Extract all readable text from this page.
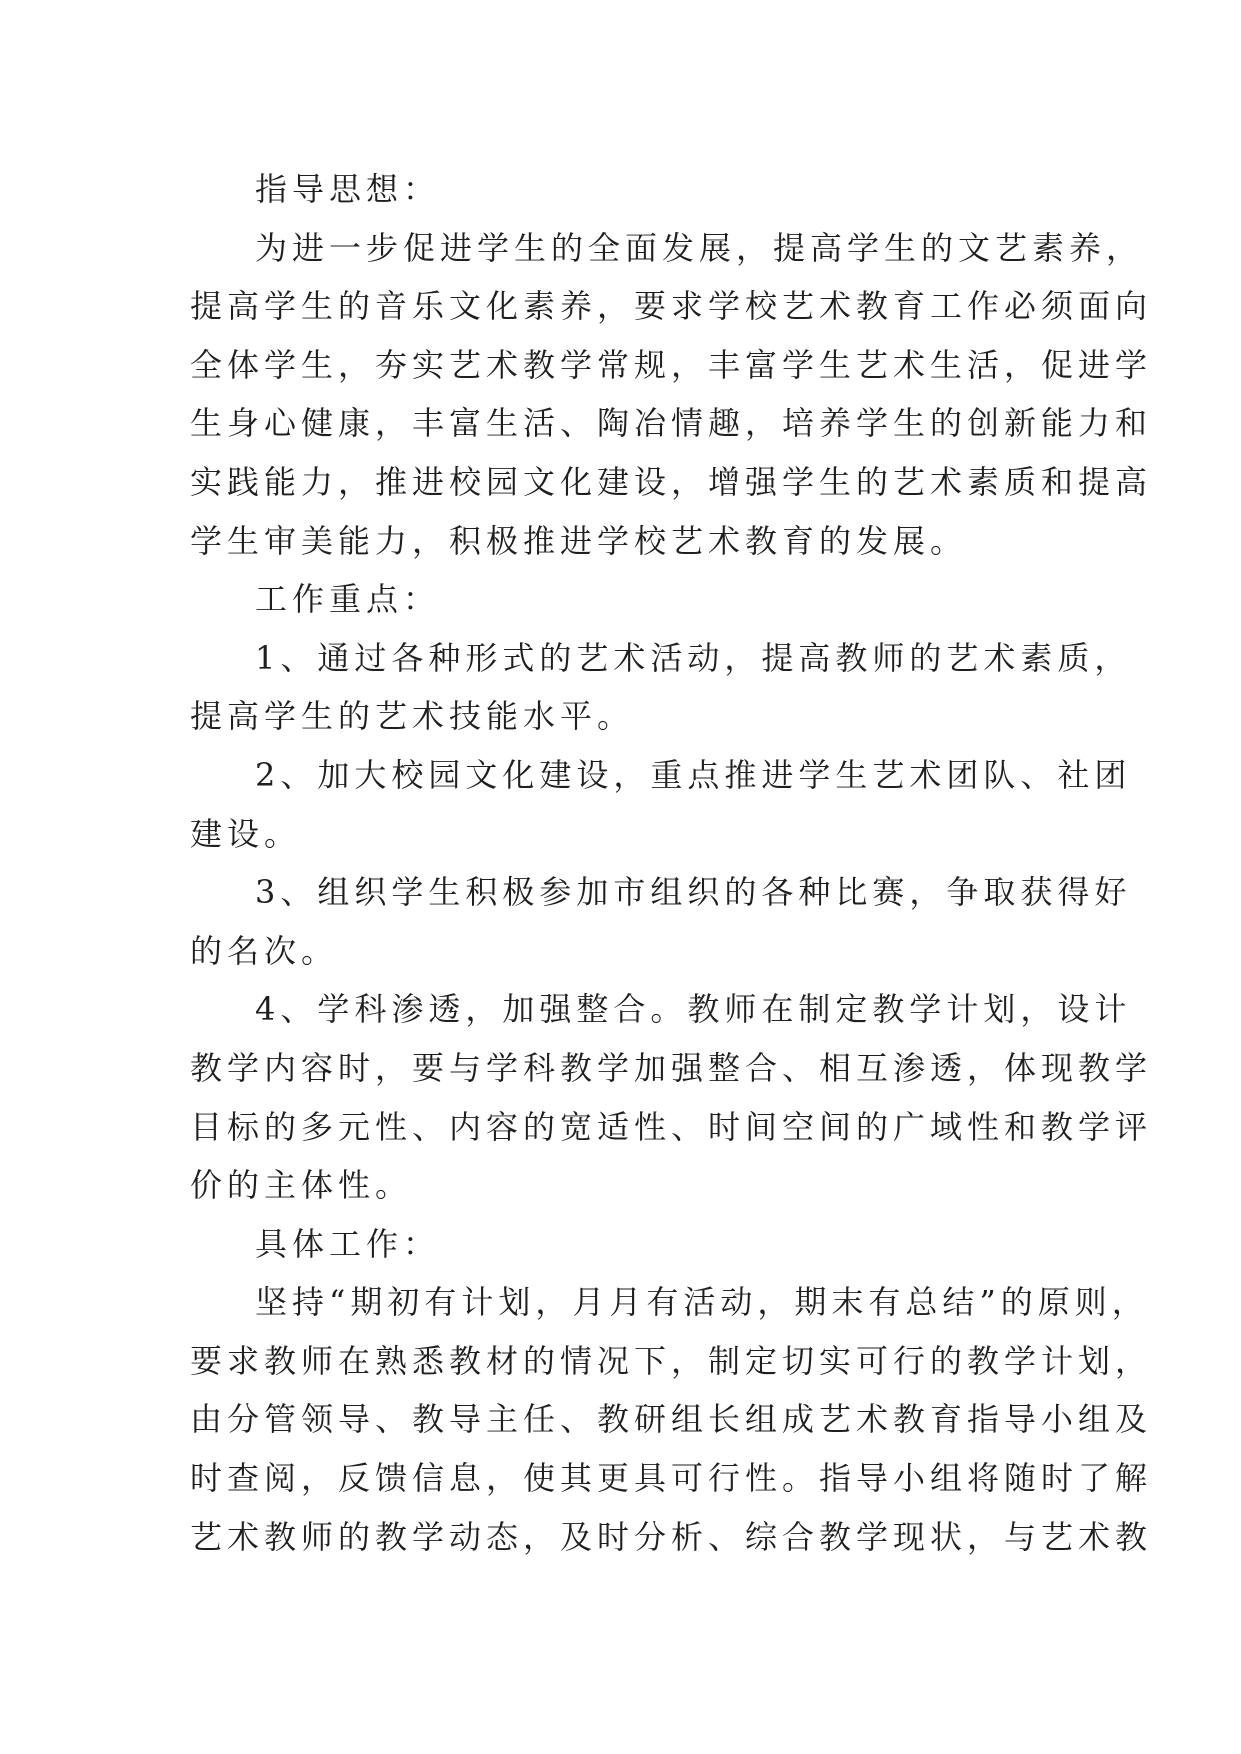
指导思想：
为进一步促进学生的全面发展，提高学生的文艺素养，
提高学生的音乐文化素养，要求学校艺术教育工作必须面向
全体学生，夯实艺术教学常规，丰富学生艺术生活，促进学
生身心健康，丰富生活、陶冶情趣，培养学生的创新能力和
实践能力，推进校园文化建设，增强学生的艺术素质和提高
学生审美能力，积极推进学校艺术教育的发展。
工作重点：
1、通过各种形式的艺术活动，提高教师的艺术素质，
提高学生的艺术技能水平。
2、加大校园文化建设，重点推进学生艺术团队、社团
建设。
3、组织学生积极参加市组织的各种比赛，争取获得好
的名次。
4、学科渗透，加强整合。教师在制定教学计划，设计
教学内容时，要与学科教学加强整合、相互渗透，体现教学
目标的多元性、内容的宽适性、时间空间的广域性和教学评
价的主体性。
具体工作：
坚持“期初有计划，月月有活动，期末有总结”的原则，
要求教师在熟悉教材的情况下，制定切实可行的教学计划，
由分管领导、教导主任、教研组长组成艺术教育指导小组及
时查阅，反馈信息，使其更具可行性。指导小组将随时了解
艺术教师的教学动态，及时分析、综合教学现状，与艺术教
